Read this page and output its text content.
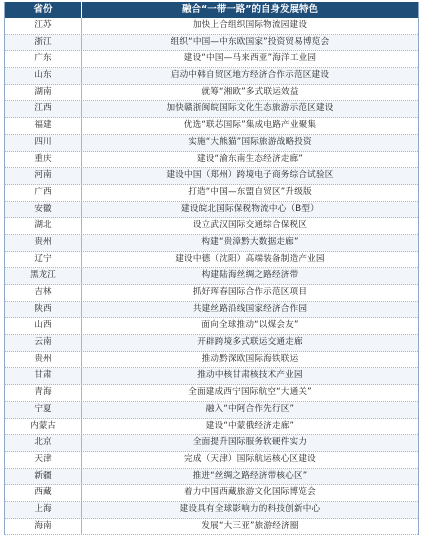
省份	融合“一带一路”的自身发展特色
江苏	加快上合组织国际物流园建设
浙江	组织“中国—中东欧国家”投资贸易博览会
广东	建设“中国—马来西亚”海洋工业园
山东	启动中韩自贸区地方经济合作示范区建设
湖南	就筹“湘欧”多式联运效益
江西	加快赣浙闽皖国际文化生态旅游示范区建设
福建	优选“联芯国际”集成电路产业聚集
四川	实施“大熊猫”国际旅游战略投资
重庆	建设“渝东南生态经济走廊”
河南	建设中国（郑州）跨境电子商务综合试验区
广西	打造“中国—东盟自贸区”升级版
安徽	建设皖北国际保税物流中心（B型）
湖北	设立武汉国际交通综合保税区
贵州	构建“贵漳黔大数据走廊”
辽宁	建设中德（沈阳）高端装备制造产业园
黑龙江	构建陆海丝绸之路经济带
吉林	抓好珲春国际合作示范区项目
陕西	共建丝路沿线国家经济合作园
山西	面向全球推动“以煤会友”
云南	开辟跨境多式联运交通走廊
贵州	推动黔深欧国际海铁联运
甘肃	推动中核甘肃核技术产业园
青海	全面建成西宁国际航空“大通关”
宁夏	融入“中阿合作先行区”
内蒙古	建设“中蒙俄经济走廊”
北京	全面提升国际服务软硬件实力
天津	完成（天津）国际航运核心区建设
新疆	推进“丝绸之路经济带核心区”
西藏	着力中国西藏旅游文化国际博览会
上海	建设具有全球影响力的科技创新中心
海南	发展“大三亚”旅游经济圈
